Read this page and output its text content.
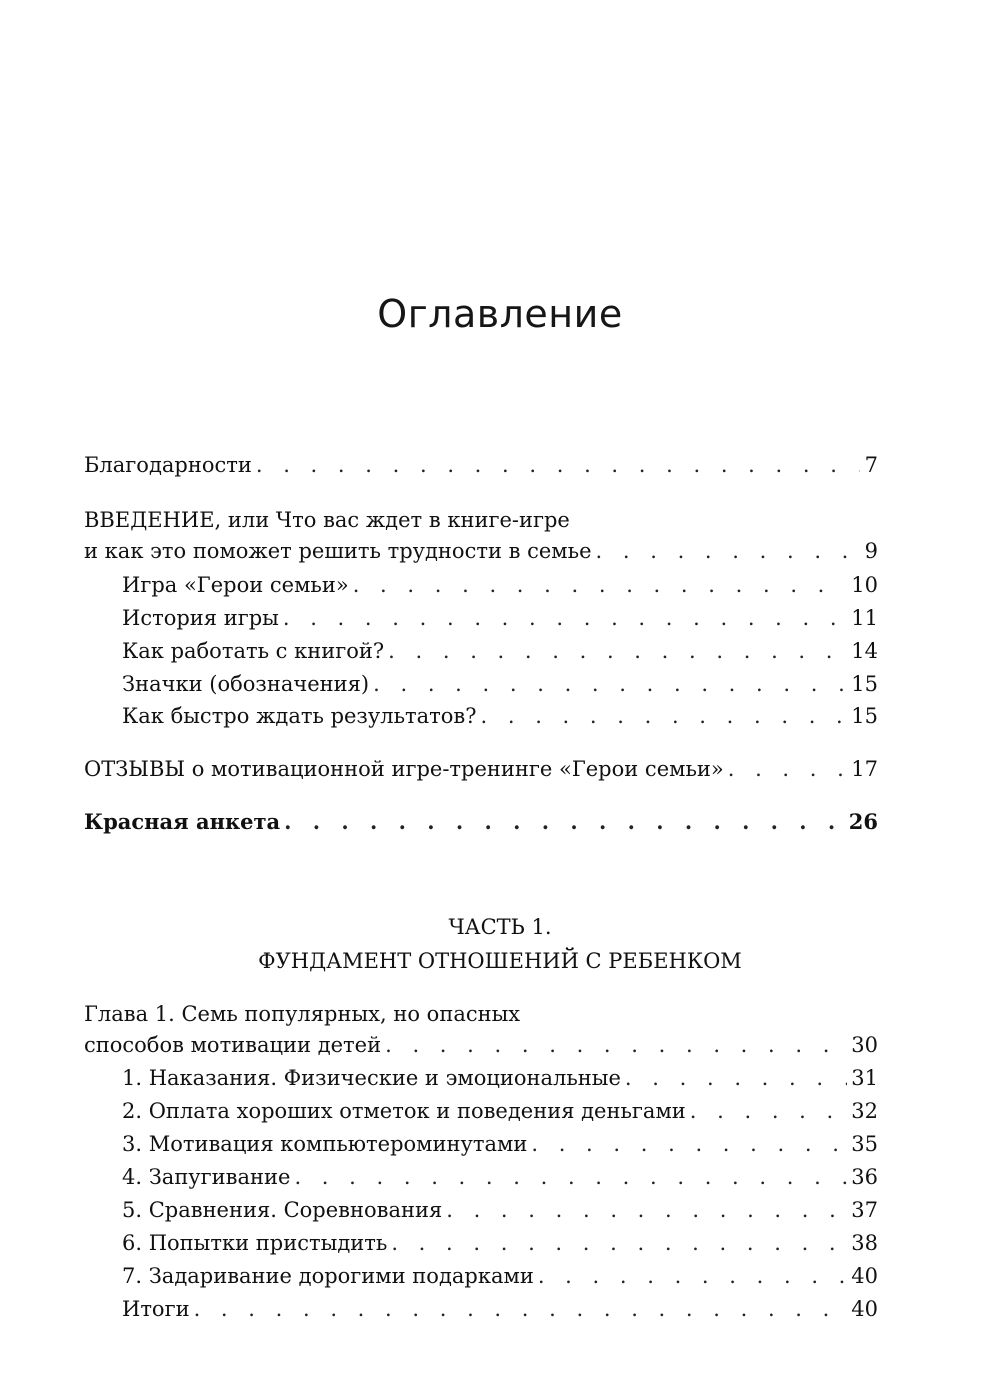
Оглавление
Благодарности . . .	7
ВВЕДЕНИЕ, или Что вас ждет в книге-игре
и как это поможет решить трудности в семье . . .	9
Игра «Герои семьи» . . .	10
История игры . . .	11
Как работать с книгой? . . .	14
Значки (обозначения) . . .	15
Как быстро ждать результатов? . . .	15
ОТЗЫВЫ о мотивационной игре-тренинге «Герои семьи» . . .	17
Красная анкета . . .	26
ЧАСТЬ 1.
ФУНДАМЕНТ ОТНОШЕНИЙ С РЕБЕНКОМ
Глава 1. Семь популярных, но опасных
способов мотивации детей . . .	30
1. Наказания. Физические и эмоциональные . . .	31
2. Оплата хороших отметок и поведения деньгами . . .	32
3. Мотивация компьютероминутами . . .	35
4. Запугивание . . .	36
5. Сравнения. Соревнования . . .	37
6. Попытки пристыдить . . .	38
7. Задаривание дорогими подарками . . .	40
Итоги . . .	40
